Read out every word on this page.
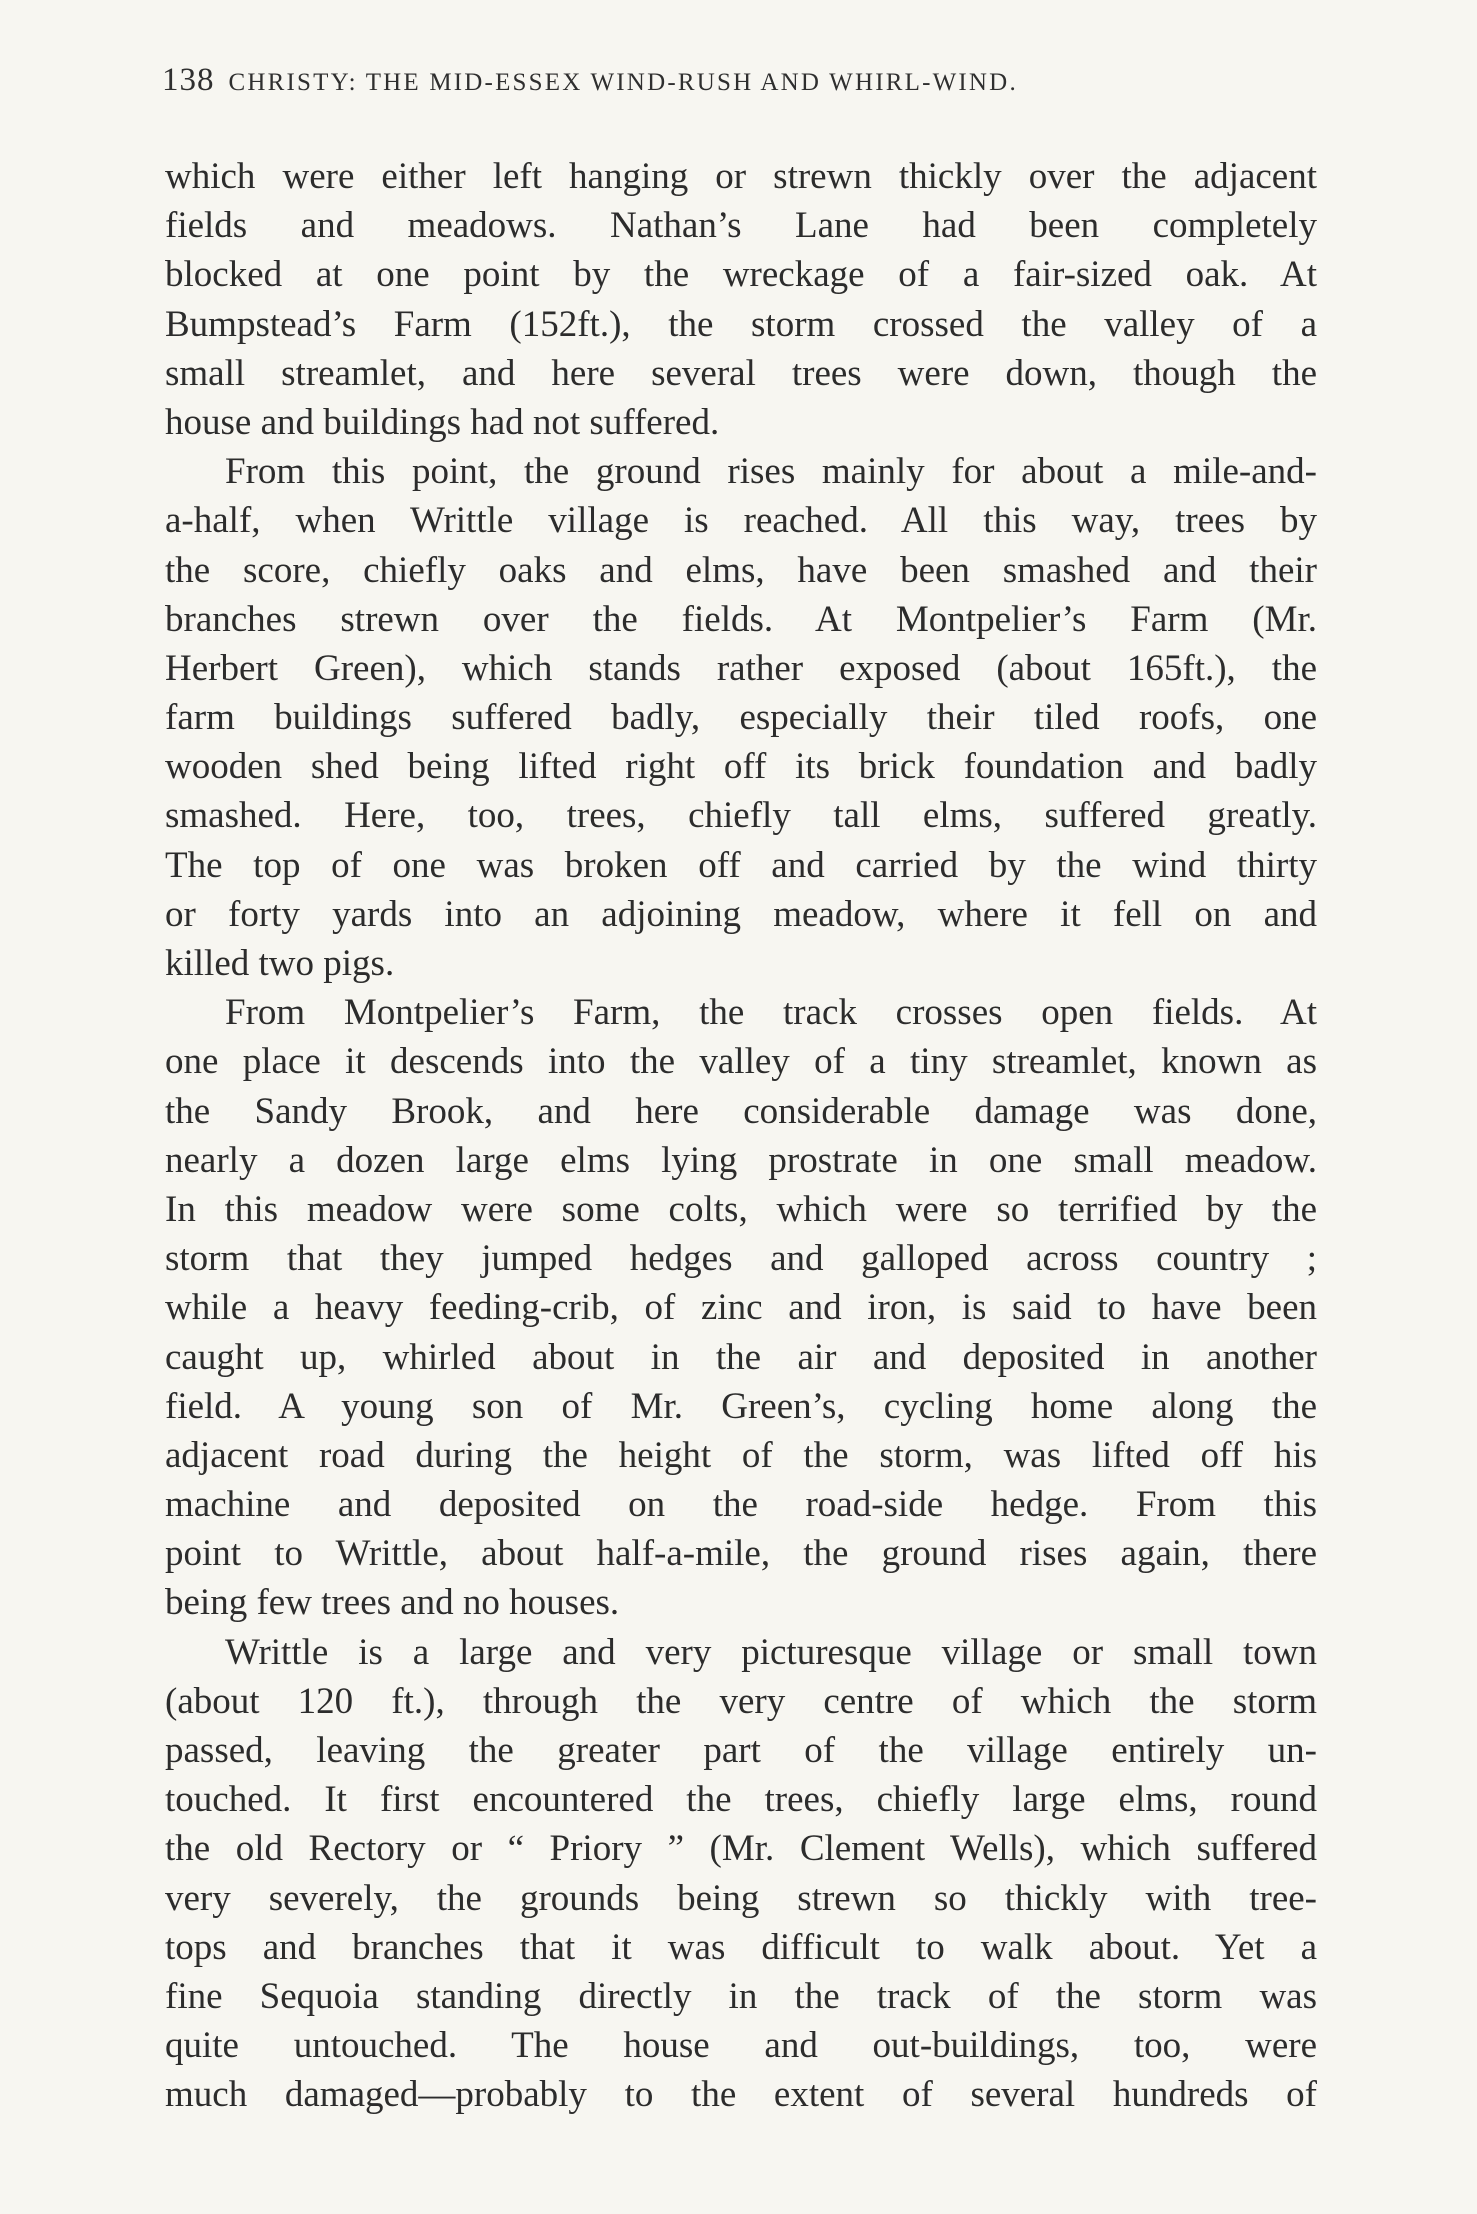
138 CHRISTY: THE MID-ESSEX WIND-RUSH AND WHIRL-WIND.
which were either left hanging or strewn thickly over the adjacent
fields and meadows. Nathan’s Lane had been completely
blocked at one point by the wreckage of a fair-sized oak. At
Bumpstead’s Farm (152ft.), the storm crossed the valley of a
small streamlet, and here several trees were down, though the
house and buildings had not suffered.
From this point, the ground rises mainly for about a mile-and-
a-half, when Writtle village is reached. All this way, trees by
the score, chiefly oaks and elms, have been smashed and their
branches strewn over the fields. At Montpelier’s Farm (Mr.
Herbert Green), which stands rather exposed (about 165ft.), the
farm buildings suffered badly, especially their tiled roofs, one
wooden shed being lifted right off its brick foundation and badly
smashed. Here, too, trees, chiefly tall elms, suffered greatly.
The top of one was broken off and carried by the wind thirty
or forty yards into an adjoining meadow, where it fell on and
killed two pigs.
From Montpelier’s Farm, the track crosses open fields. At
one place it descends into the valley of a tiny streamlet, known as
the Sandy Brook, and here considerable damage was done,
nearly a dozen large elms lying prostrate in one small meadow.
In this meadow were some colts, which were so terrified by the
storm that they jumped hedges and galloped across country ;
while a heavy feeding-crib, of zinc and iron, is said to have been
caught up, whirled about in the air and deposited in another
field. A young son of Mr. Green’s, cycling home along the
adjacent road during the height of the storm, was lifted off his
machine and deposited on the road-side hedge. From this
point to Writtle, about half-a-mile, the ground rises again, there
being few trees and no houses.
Writtle is a large and very picturesque village or small town
(about 120 ft.), through the very centre of which the storm
passed, leaving the greater part of the village entirely un-
touched. It first encountered the trees, chiefly large elms, round
the old Rectory or “ Priory ” (Mr. Clement Wells), which suffered
very severely, the grounds being strewn so thickly with tree-
tops and branches that it was difficult to walk about. Yet a
fine Sequoia standing directly in the track of the storm was
quite untouched. The house and out-buildings, too, were
much damaged—probably to the extent of several hundreds of
